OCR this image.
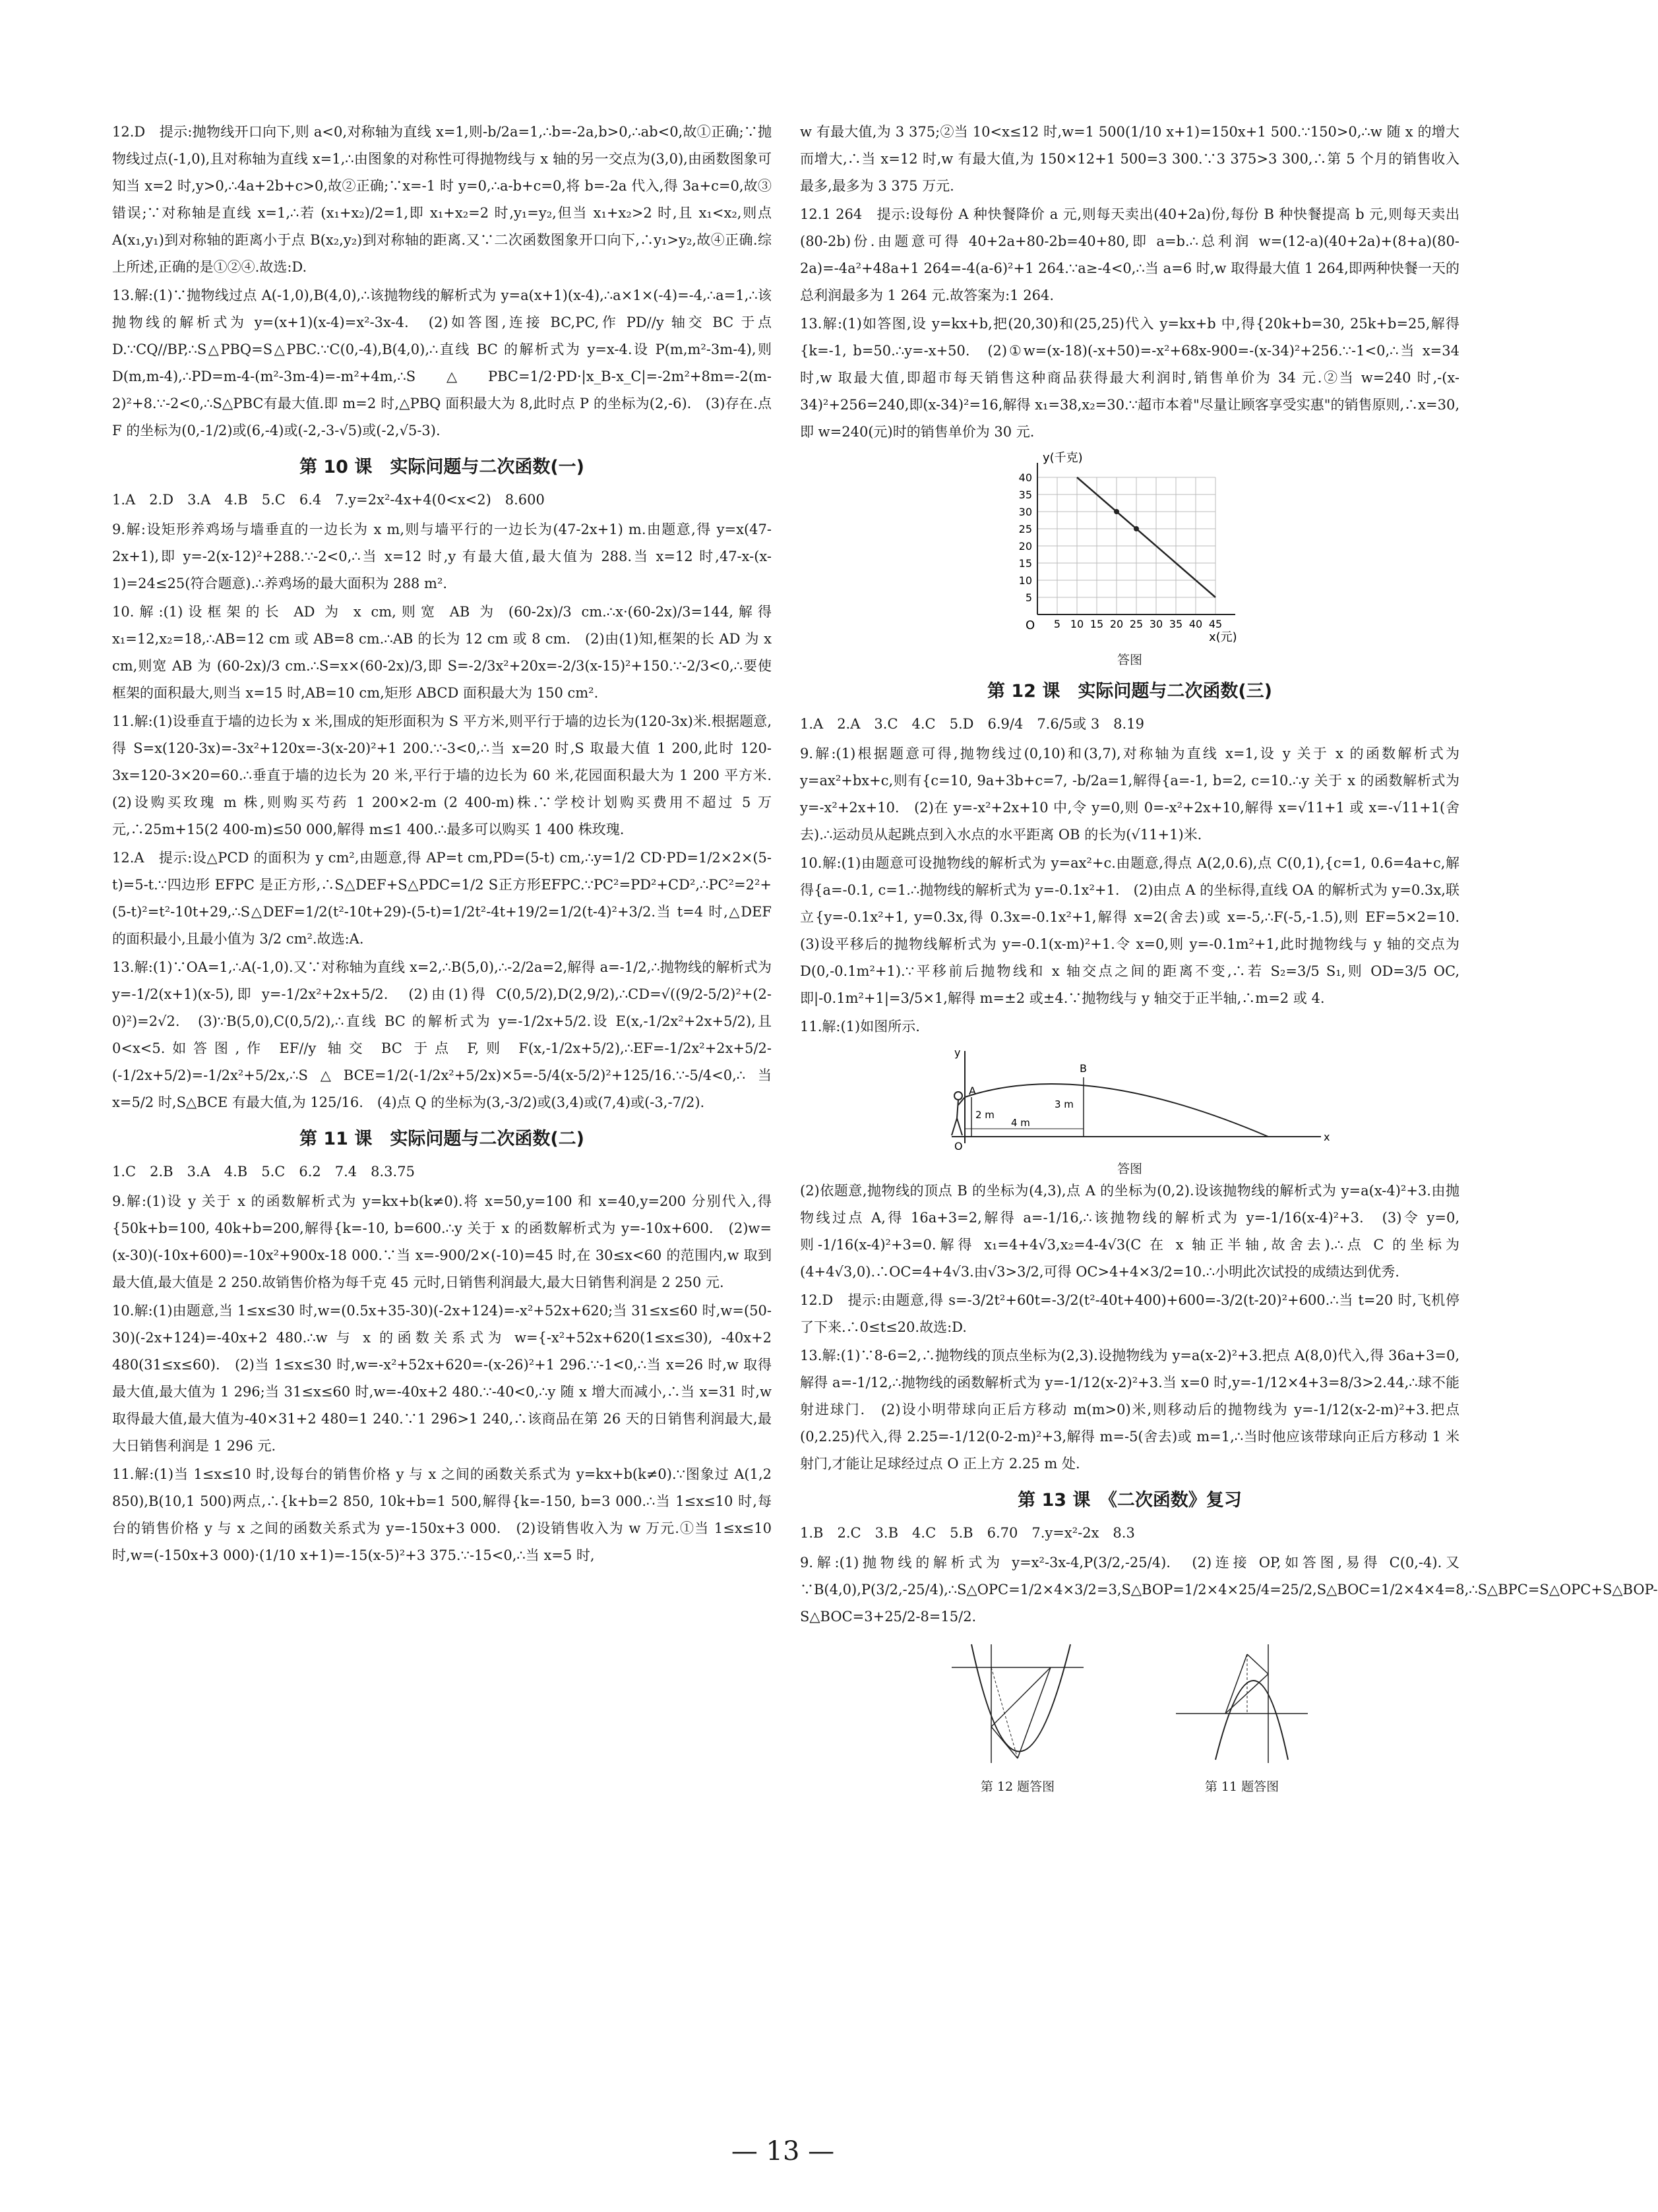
12.D　提示:抛物线开口向下,则 a<0,对称轴为直线 x=1,则-b/2a=1,∴b=-2a,b>0,∴ab<0,故①正确;∵抛物线过点(-1,0),且对称轴为直线 x=1,∴由图象的对称性可得抛物线与 x 轴的另一交点为(3,0),由函数图象可知当 x=2 时,y>0,∴4a+2b+c>0,故②正确;∵x=-1 时 y=0,∴a-b+c=0,将 b=-2a 代入,得 3a+c=0,故③错误;∵对称轴是直线 x=1,∴若 (x₁+x₂)/2=1,即 x₁+x₂=2 时,y₁=y₂,但当 x₁+x₂>2 时,且 x₁<x₂,则点 A(x₁,y₁)到对称轴的距离小于点 B(x₂,y₂)到对称轴的距离.又∵二次函数图象开口向下,∴y₁>y₂,故④正确.综上所述,正确的是①②④.故选:D.
13.解:(1)∵抛物线过点 A(-1,0),B(4,0),∴该抛物线的解析式为 y=a(x+1)(x-4),∴a×1×(-4)=-4,∴a=1,∴该抛物线的解析式为 y=(x+1)(x-4)=x²-3x-4.　(2)如答图,连接 BC,PC,作 PD//y 轴交 BC 于点 D.∵CQ//BP,∴S△PBQ=S△PBC.∵C(0,-4),B(4,0),∴直线 BC 的解析式为 y=x-4.设 P(m,m²-3m-4),则 D(m,m-4),∴PD=m-4-(m²-3m-4)=-m²+4m,∴S△PBC=1/2·PD·|x_B-x_C|=-2m²+8m=-2(m-2)²+8.∵-2<0,∴S△PBC有最大值.即 m=2 时,△PBQ 面积最大为 8,此时点 P 的坐标为(2,-6).　(3)存在.点 F 的坐标为(0,-1/2)或(6,-4)或(-2,-3-√5)或(-2,√5-3).
第 10 课　实际问题与二次函数(一)
1.A　2.D　3.A　4.B　5.C　6.4　7.y=2x²-4x+4(0<x<2)　8.600
9.解:设矩形养鸡场与墙垂直的一边长为 x m,则与墙平行的一边长为(47-2x+1) m.由题意,得 y=x(47-2x+1),即 y=-2(x-12)²+288.∵-2<0,∴当 x=12 时,y 有最大值,最大值为 288.当 x=12 时,47-x-(x-1)=24≤25(符合题意).∴养鸡场的最大面积为 288 m².
10.解:(1)设框架的长 AD 为 x cm,则宽 AB 为 (60-2x)/3 cm.∴x·(60-2x)/3=144,解得 x₁=12,x₂=18,∴AB=12 cm 或 AB=8 cm.∴AB 的长为 12 cm 或 8 cm.　(2)由(1)知,框架的长 AD 为 x cm,则宽 AB 为 (60-2x)/3 cm.∴S=x×(60-2x)/3,即 S=-2/3x²+20x=-2/3(x-15)²+150.∵-2/3<0,∴要使框架的面积最大,则当 x=15 时,AB=10 cm,矩形 ABCD 面积最大为 150 cm².
11.解:(1)设垂直于墙的边长为 x 米,围成的矩形面积为 S 平方米,则平行于墙的边长为(120-3x)米.根据题意,得 S=x(120-3x)=-3x²+120x=-3(x-20)²+1 200.∵-3<0,∴当 x=20 时,S 取最大值 1 200,此时 120-3x=120-3×20=60.∴垂直于墙的边长为 20 米,平行于墙的边长为 60 米,花园面积最大为 1 200 平方米.　(2)设购买玫瑰 m 株,则购买芍药 1 200×2-m (2 400-m)株.∵学校计划购买费用不超过 5 万元,∴25m+15(2 400-m)≤50 000,解得 m≤1 400.∴最多可以购买 1 400 株玫瑰.
12.A　提示:设△PCD 的面积为 y cm²,由题意,得 AP=t cm,PD=(5-t) cm,∴y=1/2 CD·PD=1/2×2×(5-t)=5-t.∵四边形 EFPC 是正方形,∴S△DEF+S△PDC=1/2 S正方形EFPC.∵PC²=PD²+CD²,∴PC²=2²+(5-t)²=t²-10t+29,∴S△DEF=1/2(t²-10t+29)-(5-t)=1/2t²-4t+19/2=1/2(t-4)²+3/2.当 t=4 时,△DEF 的面积最小,且最小值为 3/2 cm².故选:A.
13.解:(1)∵OA=1,∴A(-1,0).又∵对称轴为直线 x=2,∴B(5,0),∴-2/2a=2,解得 a=-1/2,∴抛物线的解析式为 y=-1/2(x+1)(x-5),即 y=-1/2x²+2x+5/2.　(2)由(1)得 C(0,5/2),D(2,9/2),∴CD=√((9/2-5/2)²+(2-0)²)=2√2.　(3)∵B(5,0),C(0,5/2),∴直线 BC 的解析式为 y=-1/2x+5/2.设 E(x,-1/2x²+2x+5/2),且 0<x<5.如答图,作 EF//y 轴交 BC 于点 F,则 F(x,-1/2x+5/2),∴EF=-1/2x²+2x+5/2-(-1/2x+5/2)=-1/2x²+5/2x,∴S△BCE=1/2(-1/2x²+5/2x)×5=-5/4(x-5/2)²+125/16.∵-5/4<0,∴当 x=5/2 时,S△BCE 有最大值,为 125/16.　(4)点 Q 的坐标为(3,-3/2)或(3,4)或(7,4)或(-3,-7/2).
第 11 课　实际问题与二次函数(二)
1.C　2.B　3.A　4.B　5.C　6.2　7.4　8.3.75
9.解:(1)设 y 关于 x 的函数解析式为 y=kx+b(k≠0).将 x=50,y=100 和 x=40,y=200 分别代入,得{50k+b=100, 40k+b=200,解得{k=-10, b=600.∴y 关于 x 的函数解析式为 y=-10x+600.　(2)w=(x-30)(-10x+600)=-10x²+900x-18 000.∵当 x=-900/2×(-10)=45 时,在 30≤x<60 的范围内,w 取到最大值,最大值是 2 250.故销售价格为每千克 45 元时,日销售利润最大,最大日销售利润是 2 250 元.
10.解:(1)由题意,当 1≤x≤30 时,w=(0.5x+35-30)(-2x+124)=-x²+52x+620;当 31≤x≤60 时,w=(50-30)(-2x+124)=-40x+2 480.∴w 与 x 的函数关系式为 w={-x²+52x+620(1≤x≤30), -40x+2 480(31≤x≤60).　(2)当 1≤x≤30 时,w=-x²+52x+620=-(x-26)²+1 296.∵-1<0,∴当 x=26 时,w 取得最大值,最大值为 1 296;当 31≤x≤60 时,w=-40x+2 480.∵-40<0,∴y 随 x 增大而减小,∴当 x=31 时,w 取得最大值,最大值为-40×31+2 480=1 240.∵1 296>1 240,∴该商品在第 26 天的日销售利润最大,最大日销售利润是 1 296 元.
11.解:(1)当 1≤x≤10 时,设每台的销售价格 y 与 x 之间的函数关系式为 y=kx+b(k≠0).∵图象过 A(1,2 850),B(10,1 500)两点,∴{k+b=2 850, 10k+b=1 500,解得{k=-150, b=3 000.∴当 1≤x≤10 时,每台的销售价格 y 与 x 之间的函数关系式为 y=-150x+3 000.　(2)设销售收入为 w 万元.①当 1≤x≤10 时,w=(-150x+3 000)·(1/10 x+1)=-15(x-5)²+3 375.∵-15<0,∴当 x=5 时,
w 有最大值,为 3 375;②当 10<x≤12 时,w=1 500(1/10 x+1)=150x+1 500.∵150>0,∴w 随 x 的增大而增大,∴当 x=12 时,w 有最大值,为 150×12+1 500=3 300.∵3 375>3 300,∴第 5 个月的销售收入最多,最多为 3 375 万元.
12.1 264　提示:设每份 A 种快餐降价 a 元,则每天卖出(40+2a)份,每份 B 种快餐提高 b 元,则每天卖出(80-2b)份.由题意可得 40+2a+80-2b=40+80,即 a=b.∴总利润 w=(12-a)(40+2a)+(8+a)(80-2a)=-4a²+48a+1 264=-4(a-6)²+1 264.∵a≥-4<0,∴当 a=6 时,w 取得最大值 1 264,即两种快餐一天的总利润最多为 1 264 元.故答案为:1 264.
13.解:(1)如答图,设 y=kx+b,把(20,30)和(25,25)代入 y=kx+b 中,得{20k+b=30, 25k+b=25,解得{k=-1, b=50.∴y=-x+50.　(2)①w=(x-18)(-x+50)=-x²+68x-900=-(x-34)²+256.∵-1<0,∴当 x=34 时,w 取最大值,即超市每天销售这种商品获得最大利润时,销售单价为 34 元.②当 w=240 时,-(x-34)²+256=240,即(x-34)²=16,解得 x₁=38,x₂=30.∵超市本着"尽量让顾客享受实惠"的销售原则,∴x=30,即 w=240(元)时的销售单价为 30 元.
5
10
15
20
25
30
35
40
5 10 15 20 25 30 35 40 45
y(千克)
x(元)
O
答图
第 12 课　实际问题与二次函数(三)
1.A　2.A　3.C　4.C　5.D　6.9/4　7.6/5或 3　8.19
9.解:(1)根据题意可得,抛物线过(0,10)和(3,7),对称轴为直线 x=1,设 y 关于 x 的函数解析式为 y=ax²+bx+c,则有{c=10, 9a+3b+c=7, -b/2a=1,解得{a=-1, b=2, c=10.∴y 关于 x 的函数解析式为 y=-x²+2x+10.　(2)在 y=-x²+2x+10 中,令 y=0,则 0=-x²+2x+10,解得 x=√11+1 或 x=-√11+1(舍去).∴运动员从起跳点到入水点的水平距离 OB 的长为(√11+1)米.
10.解:(1)由题意可设抛物线的解析式为 y=ax²+c.由题意,得点 A(2,0.6),点 C(0,1),{c=1, 0.6=4a+c,解得{a=-0.1, c=1.∴抛物线的解析式为 y=-0.1x²+1.　(2)由点 A 的坐标得,直线 OA 的解析式为 y=0.3x,联立{y=-0.1x²+1, y=0.3x,得 0.3x=-0.1x²+1,解得 x=2(舍去)或 x=-5,∴F(-5,-1.5),则 EF=5×2=10.　(3)设平移后的抛物线解析式为 y=-0.1(x-m)²+1.令 x=0,则 y=-0.1m²+1,此时抛物线与 y 轴的交点为 D(0,-0.1m²+1).∵平移前后抛物线和 x 轴交点之间的距离不变,∴若 S₂=3/5 S₁,则 OD=3/5 OC,即|-0.1m²+1|=3/5×1,解得 m=±2 或±4.∵抛物线与 y 轴交于正半轴,∴m=2 或 4.
11.解:(1)如图所示.
y
x
A
B
O
2 m
3 m
4 m
答图
(2)依题意,抛物线的顶点 B 的坐标为(4,3),点 A 的坐标为(0,2).设该抛物线的解析式为 y=a(x-4)²+3.由抛物线过点 A,得 16a+3=2,解得 a=-1/16,∴该抛物线的解析式为 y=-1/16(x-4)²+3.　(3)令 y=0,则-1/16(x-4)²+3=0.解得 x₁=4+4√3,x₂=4-4√3(C 在 x 轴正半轴,故舍去).∴点 C 的坐标为(4+4√3,0).∴OC=4+4√3.由√3>3/2,可得 OC>4+4×3/2=10.∴小明此次试投的成绩达到优秀.
12.D　提示:由题意,得 s=-3/2t²+60t=-3/2(t²-40t+400)+600=-3/2(t-20)²+600.∴当 t=20 时,飞机停了下来.∴0≤t≤20.故选:D.
13.解:(1)∵8-6=2,∴抛物线的顶点坐标为(2,3).设抛物线为 y=a(x-2)²+3.把点 A(8,0)代入,得 36a+3=0,解得 a=-1/12,∴抛物线的函数解析式为 y=-1/12(x-2)²+3.当 x=0 时,y=-1/12×4+3=8/3>2.44,∴球不能射进球门.　(2)设小明带球向正后方移动 m(m>0)米,则移动后的抛物线为 y=-1/12(x-2-m)²+3.把点(0,2.25)代入,得 2.25=-1/12(0-2-m)²+3,解得 m=-5(舍去)或 m=1,∴当时他应该带球向正后方移动 1 米射门,才能让足球经过点 O 正上方 2.25 m 处.
第 13 课　《二次函数》复习
1.B　2.C　3.B　4.C　5.B　6.70　7.y=x²-2x　8.3
9.解:(1)抛物线的解析式为 y=x²-3x-4,P(3/2,-25/4).　(2)连接 OP,如答图,易得 C(0,-4).又∵B(4,0),P(3/2,-25/4),∴S△OPC=1/2×4×3/2=3,S△BOP=1/2×4×25/4=25/2,S△BOC=1/2×4×4=8,∴S△BPC=S△OPC+S△BOP-S△BOC=3+25/2-8=15/2.
第 12 题答图	第 11 题答图
— 13 —
